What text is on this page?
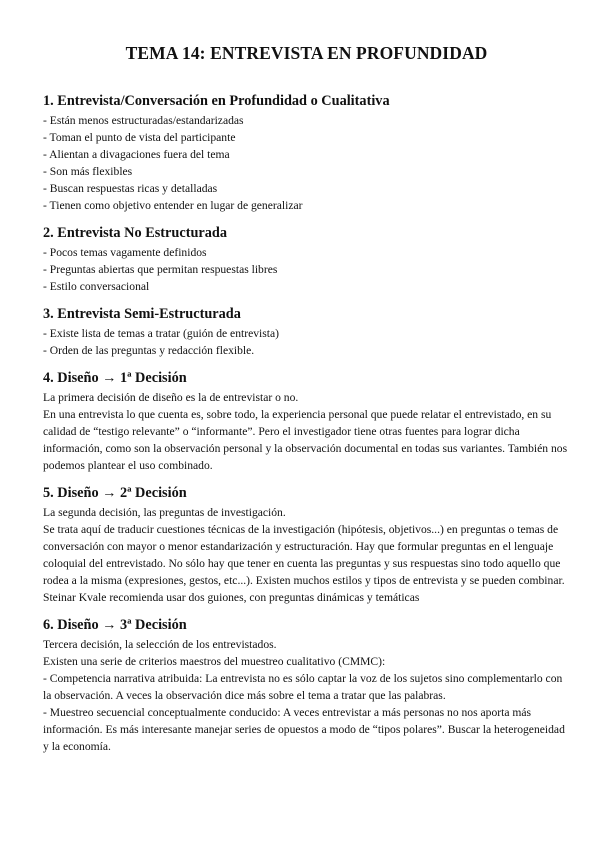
TEMA 14: ENTREVISTA EN PROFUNDIDAD
1. Entrevista/Conversación en Profundidad o Cualitativa
- Están menos estructuradas/estandarizadas
- Toman el punto de vista del participante
- Alientan a divagaciones fuera del tema
- Son más flexibles
- Buscan respuestas ricas y detalladas
- Tienen como objetivo entender en lugar de generalizar
2. Entrevista No Estructurada
- Pocos temas vagamente definidos
- Preguntas abiertas que permitan respuestas libres
- Estilo conversacional
3. Entrevista Semi-Estructurada
- Existe lista de temas a tratar (guión de entrevista)
- Orden de las preguntas y redacción flexible.
4. Diseño → 1ª Decisión

La primera decisión de diseño es la de entrevistar o no.

En una entrevista lo que cuenta es, sobre todo, la experiencia personal que puede relatar el entrevistado, en su calidad de “testigo relevante” o “informante”. Pero el investigador tiene otras fuentes para lograr dicha información, como son la observación personal y la observación documental en todas sus variantes. También nos podemos plantear el uso combinado.

5. Diseño → 2ª Decisión

La segunda decisión, las preguntas de investigación.

Se trata aquí de traducir cuestiones técnicas de la investigación (hipótesis, objetivos...) en preguntas o temas de conversación con mayor o menor estandarización y estructuración. Hay que formular preguntas en el lenguaje coloquial del entrevistado. No sólo hay que tener en cuenta las preguntas y sus respuestas sino todo aquello que rodea a la misma (expresiones, gestos, etc...). Existen muchos estilos y tipos de entrevista y se pueden combinar. Steinar Kvale recomienda usar dos guiones, con preguntas dinámicas y temáticas

6. Diseño → 3ª Decisión

Tercera decisión, la selección de los entrevistados.

Existen una serie de criterios maestros del muestreo cualitativo (CMMC):

- Competencia narrativa atribuida: La entrevista no es sólo captar la voz de los sujetos sino complementarlo con la observación. A veces la observación dice más sobre el tema a tratar que las palabras.

- Muestreo secuencial conceptualmente conducido: A veces entrevistar a más personas no nos aporta más información. Es más interesante manejar series de opuestos a modo de “tipos polares”. Buscar la heterogeneidad y la economía.
